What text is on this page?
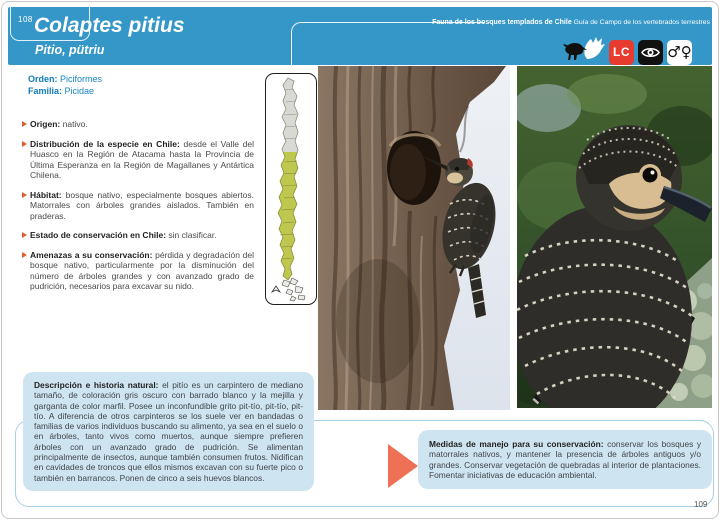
108 Colaptes pitius
Pitio, pütriu
Fauna de los bosques templados de Chile Guía de Campo de los vertebrados terrestres
LC ♂♀
Orden: Piciformes
Familia: Picidae
Origen: nativo.
Distribución de la especie en Chile: desde el Valle del Huasco en la Región de Atacama hasta la Provincia de Última Esperanza en la Región de Magallanes y Antártica Chilena.
Hábitat: bosque nativo, especialmente bosques abiertos. Matorrales con árboles grandes aislados. También en praderas.
Estado de conservación en Chile: sin clasificar.
Amenazas a su conservación: pérdida y degradación del bosque nativo, particularmente por la disminución del número de árboles grandes y con avanzado grado de pudrición, necesarios para excavar su nido.
Descripción e historia natural: el pitío es un carpintero de mediano tamaño, de coloración gris oscuro con barrado blanco y la mejilla y garganta de color marfil. Posee un inconfundible grito pit-tío, pit-tío, pit-tío. A diferencia de otros carpinteros se los suele ver en bandadas o familias de varios individuos buscando su alimento, ya sea en el suelo o en árboles, tanto vivos como muertos, aunque siempre prefieren árboles con un avanzado grado de pudrición. Se alimentan principalmente de insectos, aunque también consumen frutos. Nidifican en cavidades de troncos que ellos mismos excavan con su fuerte pico o también en barrancos. Ponen de cinco a seis huevos blancos.
Medidas de manejo para su conservación: conservar los bosques y matorrales nativos, y mantener la presencia de árboles antiguos y/o grandes. Conservar vegetación de quebradas al interior de plantaciones. Fomentar iniciativas de educación ambiental.
109
